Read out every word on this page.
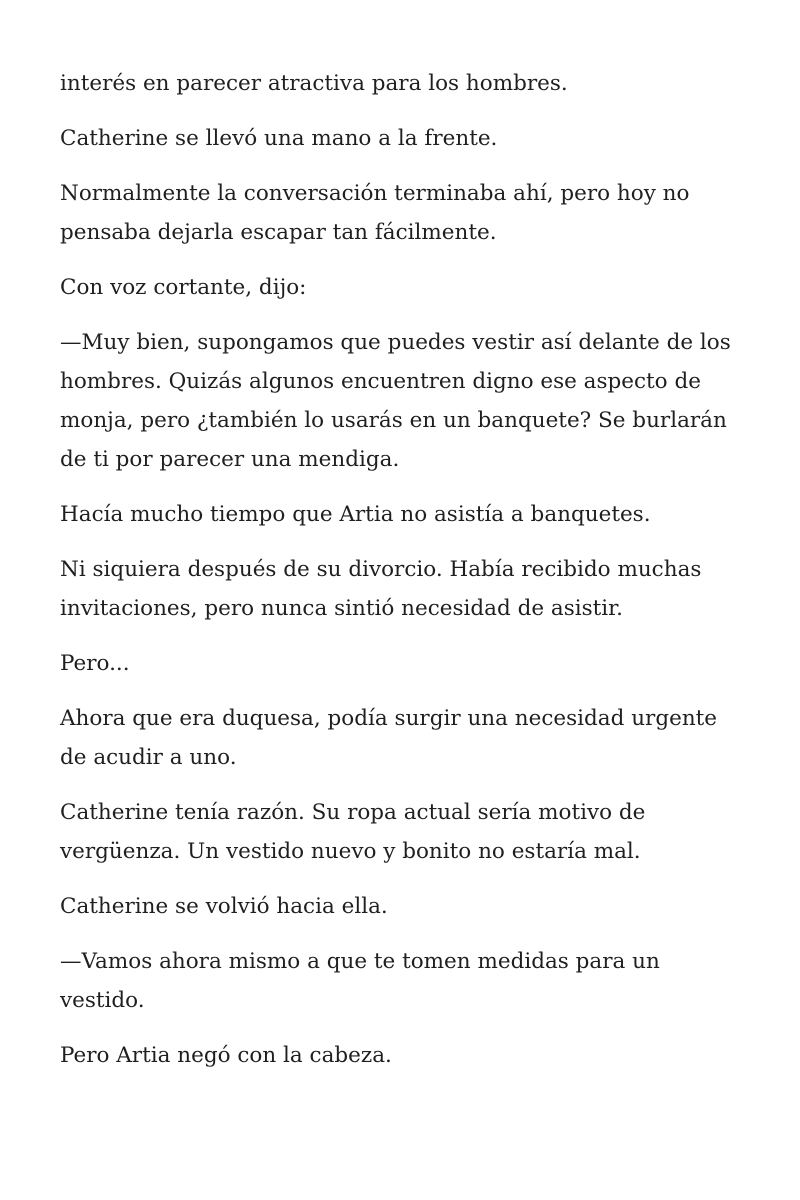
interés en parecer atractiva para los hombres.

Catherine se llevó una mano a la frente.

Normalmente la conversación terminaba ahí, pero hoy no pensaba dejarla escapar tan fácilmente.

Con voz cortante, dijo:

—Muy bien, supongamos que puedes vestir así delante de los hombres. Quizás algunos encuentren digno ese aspecto de monja, pero ¿también lo usarás en un banquete? Se burlarán de ti por parecer una mendiga.

Hacía mucho tiempo que Artia no asistía a banquetes.

Ni siquiera después de su divorcio. Había recibido muchas invitaciones, pero nunca sintió necesidad de asistir.

Pero...

Ahora que era duquesa, podía surgir una necesidad urgente de acudir a uno.

Catherine tenía razón. Su ropa actual sería motivo de vergüenza. Un vestido nuevo y bonito no estaría mal.

Catherine se volvió hacia ella.

—Vamos ahora mismo a que te tomen medidas para un vestido.

Pero Artia negó con la cabeza.
